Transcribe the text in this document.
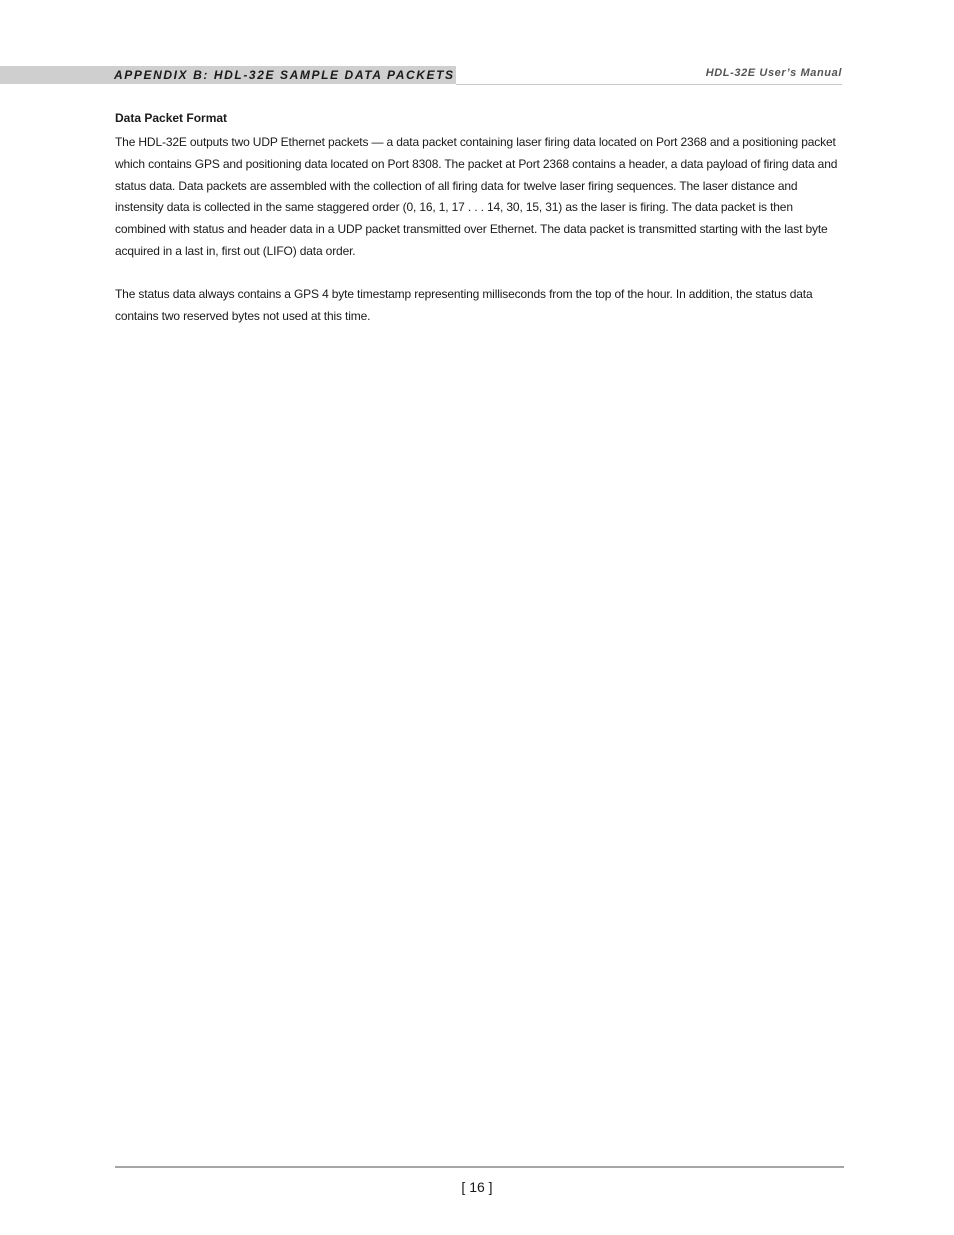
APPENDIX B: HDL-32E SAMPLE DATA PACKETS	HDL-32E User’s Manual
Data Packet Format

The HDL-32E outputs two UDP Ethernet packets — a data packet containing laser firing data located on Port 2368 and a positioning packet which contains GPS and positioning data located on Port 8308. The packet at Port 2368 contains a header, a data payload of firing data and status data. Data packets are assembled with the collection of all firing data for twelve laser firing sequences. The laser distance and instensity data is collected in the same staggered order (0, 16, 1, 17 . . . 14, 30, 15, 31) as the laser is firing. The data packet is then combined with status and header data in a UDP packet transmitted over Ethernet. The data packet is transmitted starting with the last byte acquired in a last in, first out (LIFO) data order.

The status data always contains a GPS 4 byte timestamp representing milliseconds from the top of the hour. In addition, the status data contains two reserved bytes not used at this time.

[ 16 ]
